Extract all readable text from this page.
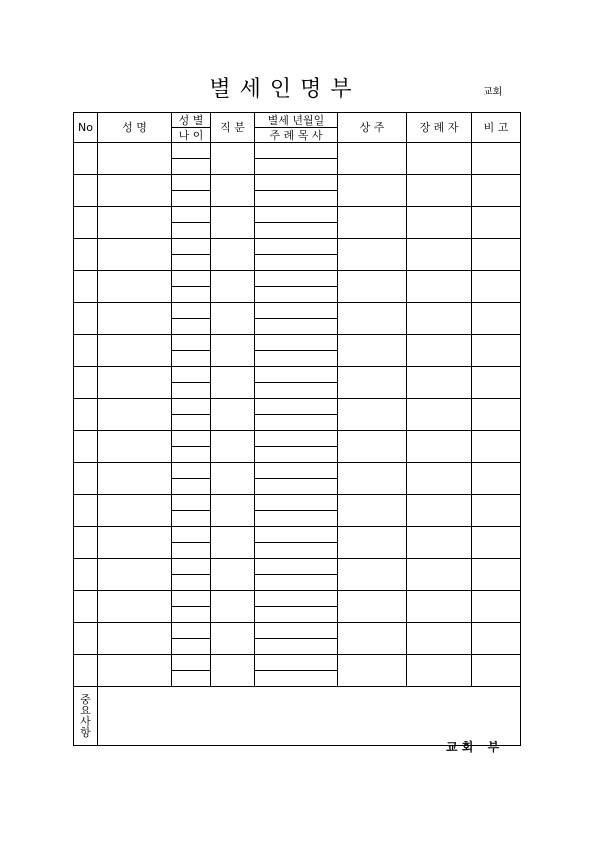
별세인명부	교회
No	성 명	성 별	직 분	별세 년월일	상 주	장 례 자	비 고
		나 이		주 례 목 사			

중
요
사
항							

교 회 부
